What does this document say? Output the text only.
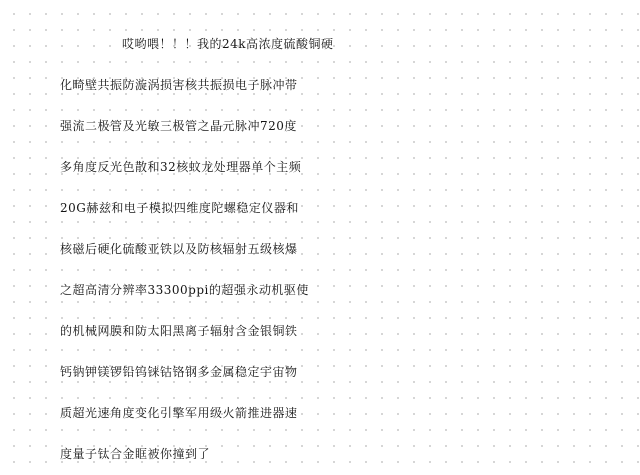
哎哟喂！！！我的24k高浓度硫酸铜硬
化畸壁共振防漩涡损害核共振损电子脉冲带
强流二极管及光敏三极管之晶元脉冲720度
多角度反光色散和32核蚊龙处理器单个主频
20G赫兹和电子模拟四维度陀螺稳定仪器和
核磁后硬化硫酸亚铁以及防核辐射五级核爆
之超高清分辨率33300ppi的超强永动机驱使
的机械网膜和防太阳黑离子辐射含金银铜铁
钙钠钾镁锣铅钨铼钴铬钢多金属稳定宇宙物
质超光速角度变化引擎军用级火箭推进器速
度量子钛合金眶被你撞到了
